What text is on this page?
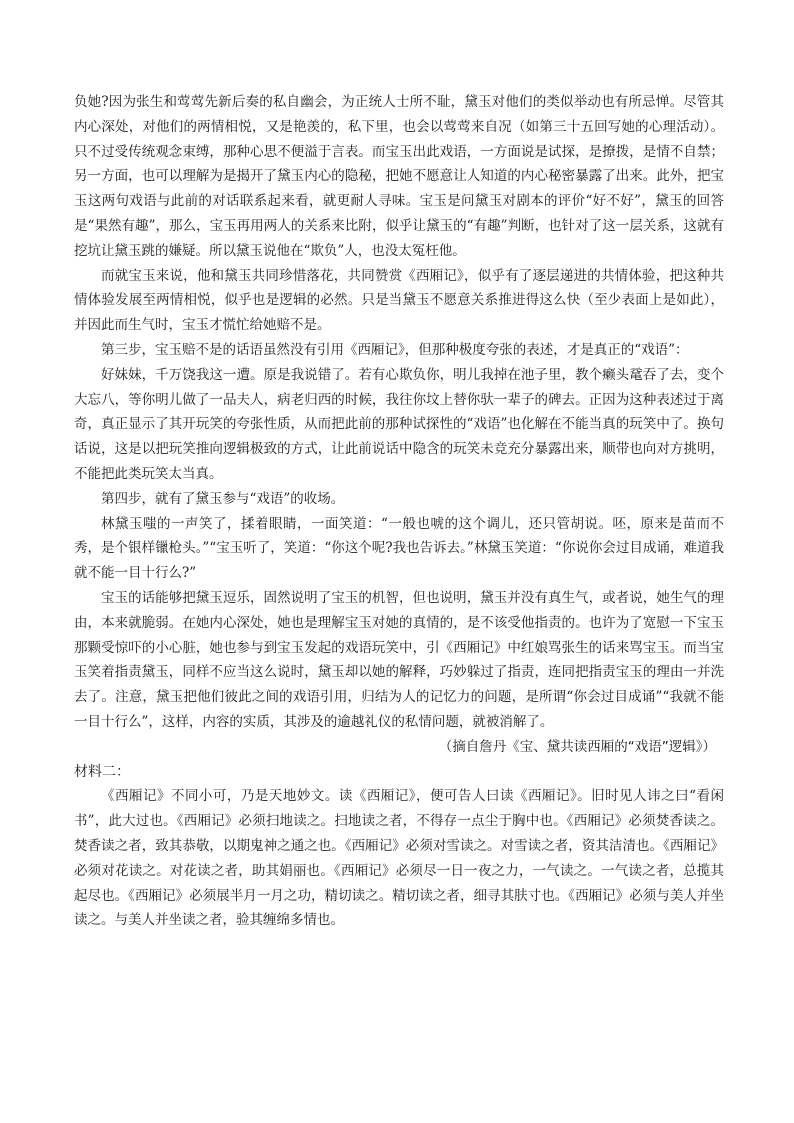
负她?因为张生和莺莺先新后奏的私自幽会，为正统人士所不耻，黛玉对他们的类似举动也有所忌惮。尽管其内心深处，对他们的两情相悦，又是艳羡的，私下里，也会以莺莺来自况（如第三十五回写她的心理活动）。只不过受传统观念束缚，那种心思不便溢于言表。而宝玉出此戏语，一方面说是试探，是撩拨，是情不自禁；另一方面，也可以理解为是揭开了黛玉内心的隐秘，把她不愿意让人知道的内心秘密暴露了出来。此外，把宝玉这两句戏语与此前的对话联系起来看，就更耐人寻味。宝玉是问黛玉对剧本的评价“好不好”，黛玉的回答是“果然有趣”，那么，宝玉再用两人的关系来比附，似乎让黛玉的“有趣”判断，也针对了这一层关系，这就有挖坑让黛玉跳的嫌疑。所以黛玉说他在“欺负”人，也没太冤枉他。

而就宝玉来说，他和黛玉共同珍惜落花，共同赞赏《西厢记》，似乎有了逐层递进的共情体验，把这种共情体验发展至两情相悦，似乎也是逻辑的必然。只是当黛玉不愿意关系推进得这么快（至少表面上是如此），并因此而生气时，宝玉才慌忙给她赔不是。

第三步，宝玉赔不是的话语虽然没有引用《西厢记》，但那种极度夸张的表述，才是真正的“戏语”：

好妹妹，千万饶我这一遭。原是我说错了。若有心欺负你，明儿我掉在池子里，教个癞头鼋吞了去，变个大忘八，等你明儿做了一品夫人，病老归西的时候，我往你坟上替你驮一辈子的碑去。正因为这种表述过于离奇，真正显示了其开玩笑的夸张性质，从而把此前的那种试探性的“戏语”也化解在不能当真的玩笑中了。换句话说，这是以把玩笑推向逻辑极致的方式，让此前说话中隐含的玩笑未竞充分暴露出来，顺带也向对方挑明，不能把此类玩笑太当真。

第四步，就有了黛玉参与“戏语”的收场。

林黛玉嗤的一声笑了，揉着眼睛，一面笑道：“一般也唬的这个调儿，还只管胡说。呸，原来是苗而不秀，是个银样镴枪头。”“宝玉听了，笑道：“你这个呢?我也告诉去。”林黛玉笑道：“你说你会过目成诵，难道我就不能一目十行么?”

宝玉的话能够把黛玉逗乐，固然说明了宝玉的机智，但也说明，黛玉并没有真生气，或者说，她生气的理由，本来就脆弱。在她内心深处，她也是理解宝玉对她的真情的，是不该受他指责的。也许为了宽慰一下宝玉那颗受惊吓的小心脏，她也参与到宝玉发起的戏语玩笑中，引《西厢记》中红娘骂张生的话来骂宝玉。而当宝玉笑着指责黛玉，同样不应当这么说时，黛玉却以她的解释，巧妙躲过了指责，连同把指责宝玉的理由一并洗去了。注意，黛玉把他们彼此之间的戏语引用，归结为人的记忆力的问题，是所谓“你会过目成诵”“我就不能一目十行么”，这样，内容的实质，其涉及的逾越礼仪的私情问题，就被消解了。

（摘自詹丹《宝、黛共读西厢的“戏语”逻辑》）

材料二：

《西厢记》不同小可，乃是天地妙文。读《西厢记》，便可告人曰读《西厢记》。旧时见人讳之曰“看闲书”，此大过也。《西厢记》必须扫地读之。扫地读之者，不得存一点尘于胸中也。《西厢记》必须焚香读之。焚香读之者，致其恭敬，以期鬼神之通之也。《西厢记》必须对雪读之。对雪读之者，资其洁清也。《西厢记》必须对花读之。对花读之者，助其娟丽也。《西厢记》必须尽一日一夜之力，一气读之。一气读之者，总揽其起尽也。《西厢记》必须展半月一月之功，精切读之。精切读之者，细寻其肤寸也。《西厢记》必须与美人并坐读之。与美人并坐读之者，验其缠绵多情也。
